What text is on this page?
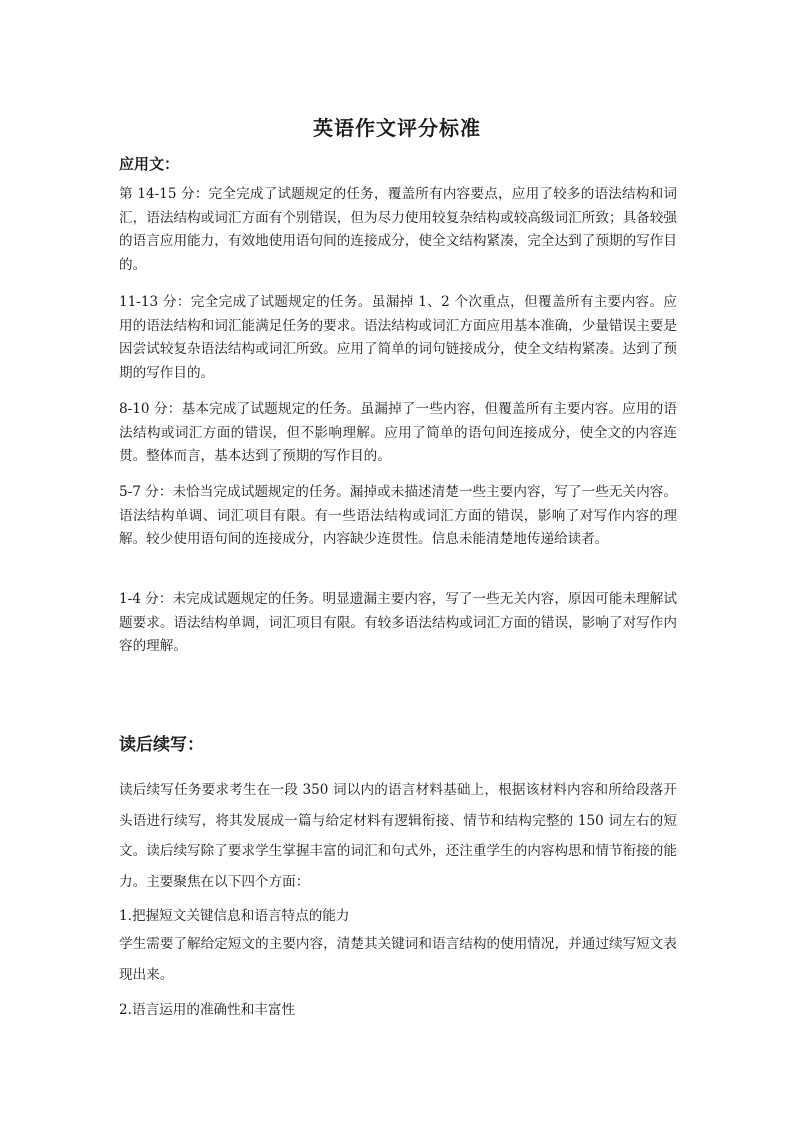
英语作文评分标准
应用文：
第 14-15 分：完全完成了试题规定的任务，覆盖所有内容要点，应用了较多的语法结构和词汇，语法结构或词汇方面有个别错误，但为尽力使用较复杂结构或较高级词汇所致；具备较强的语言应用能力，有效地使用语句间的连接成分，使全文结构紧凑，完全达到了预期的写作目的。
11-13 分：完全完成了试题规定的任务。虽漏掉 1、2 个次重点，但覆盖所有主要内容。应用的语法结构和词汇能满足任务的要求。语法结构或词汇方面应用基本准确，少量错误主要是因尝试较复杂语法结构或词汇所致。应用了简单的词句链接成分，使全文结构紧凑。达到了预期的写作目的。
8-10 分：基本完成了试题规定的任务。虽漏掉了一些内容，但覆盖所有主要内容。应用的语法结构或词汇方面的错误，但不影响理解。应用了简单的语句间连接成分，使全文的内容连贯。整体而言，基本达到了预期的写作目的。
5-7 分：未恰当完成试题规定的任务。漏掉或未描述清楚一些主要内容，写了一些无关内容。语法结构单调、词汇项目有限。有一些语法结构或词汇方面的错误，影响了对写作内容的理解。较少使用语句间的连接成分，内容缺少连贯性。信息未能清楚地传递给读者。
1-4 分：未完成试题规定的任务。明显遗漏主要内容，写了一些无关内容，原因可能未理解试题要求。语法结构单调，词汇项目有限。有较多语法结构或词汇方面的错误，影响了对写作内容的理解。
读后续写：
读后续写任务要求考生在一段 350 词以内的语言材料基础上，根据该材料内容和所给段落开头语进行续写，将其发展成一篇与给定材料有逻辑衔接、情节和结构完整的 150 词左右的短文。读后续写除了要求学生掌握丰富的词汇和句式外，还注重学生的内容构思和情节衔接的能力。主要聚焦在以下四个方面：
1.把握短文关键信息和语言特点的能力
学生需要了解给定短文的主要内容，清楚其关键词和语言结构的使用情况，并通过续写短文表现出来。
2.语言运用的准确性和丰富性
